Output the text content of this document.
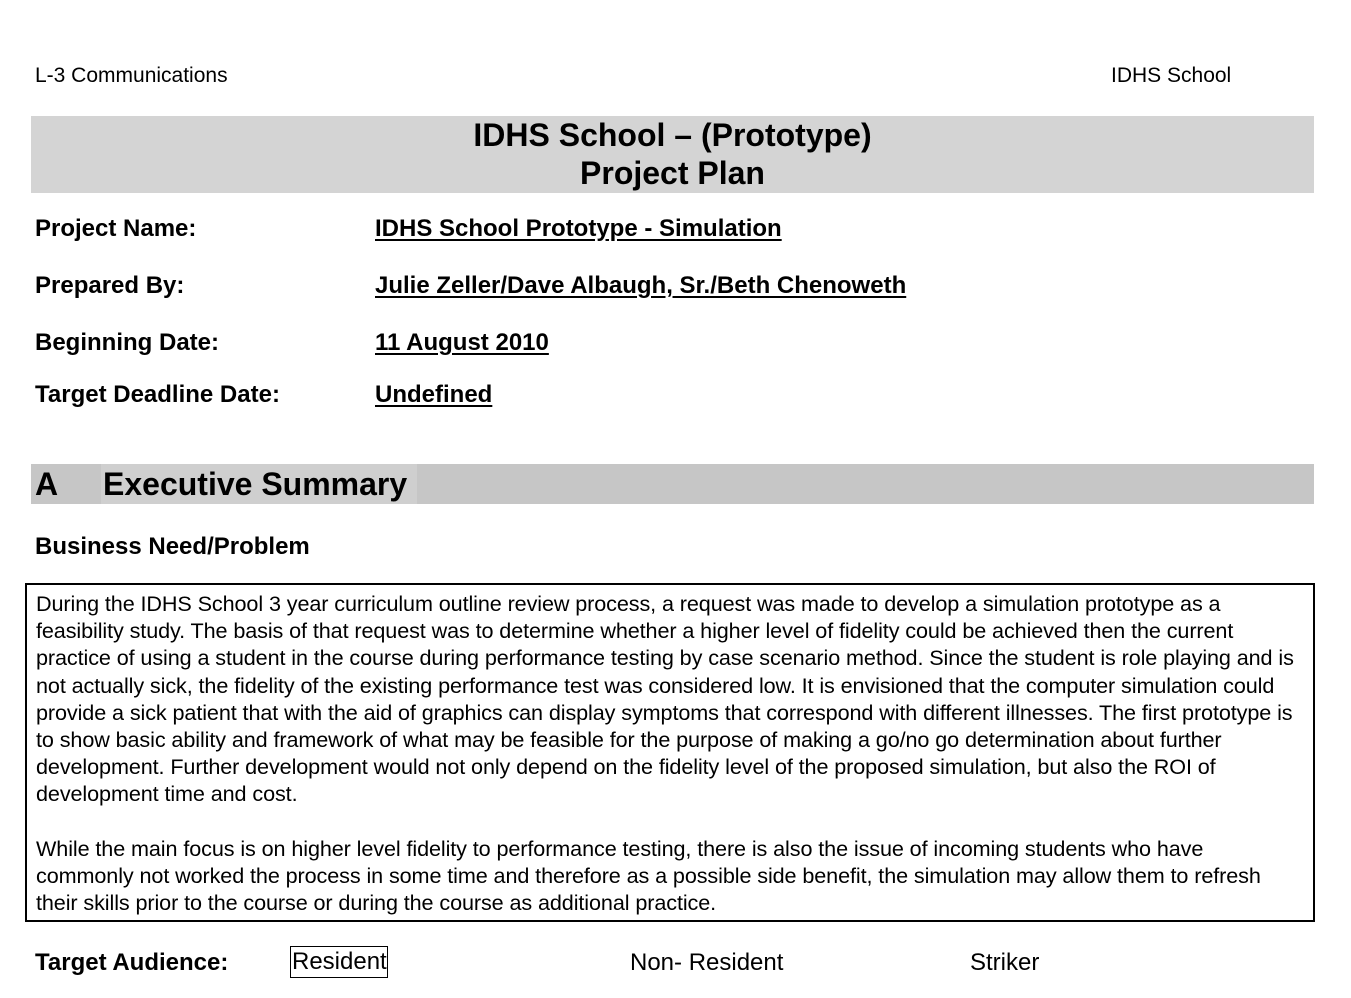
L-3 Communications	IDHS School
IDHS School – (Prototype)
Project Plan
Project Name:	IDHS School Prototype - Simulation
Prepared By:	Julie Zeller/Dave Albaugh, Sr./Beth Chenoweth
Beginning Date:	11 August 2010
Target Deadline Date:	Undefined
A Executive Summary
Business Need/Problem

During the IDHS School 3 year curriculum outline review process, a request was made to develop a simulation prototype as a feasibility study. The basis of that request was to determine whether a higher level of fidelity could be achieved then the current practice of using a student in the course during performance testing by case scenario method. Since the student is role playing and is not actually sick, the fidelity of the existing performance test was considered low. It is envisioned that the computer simulation could provide a sick patient that with the aid of graphics can display symptoms that correspond with different illnesses. The first prototype is to show basic ability and framework of what may be feasible for the purpose of making a go/no go determination about further development. Further development would not only depend on the fidelity level of the proposed simulation, but also the ROI of development time and cost.

While the main focus is on higher level fidelity to performance testing, there is also the issue of incoming students who have commonly not worked the process in some time and therefore as a possible side benefit, the simulation may allow them to refresh their skills prior to the course or during the course as additional practice.

Target Audience:	Resident	Non- Resident	Striker
